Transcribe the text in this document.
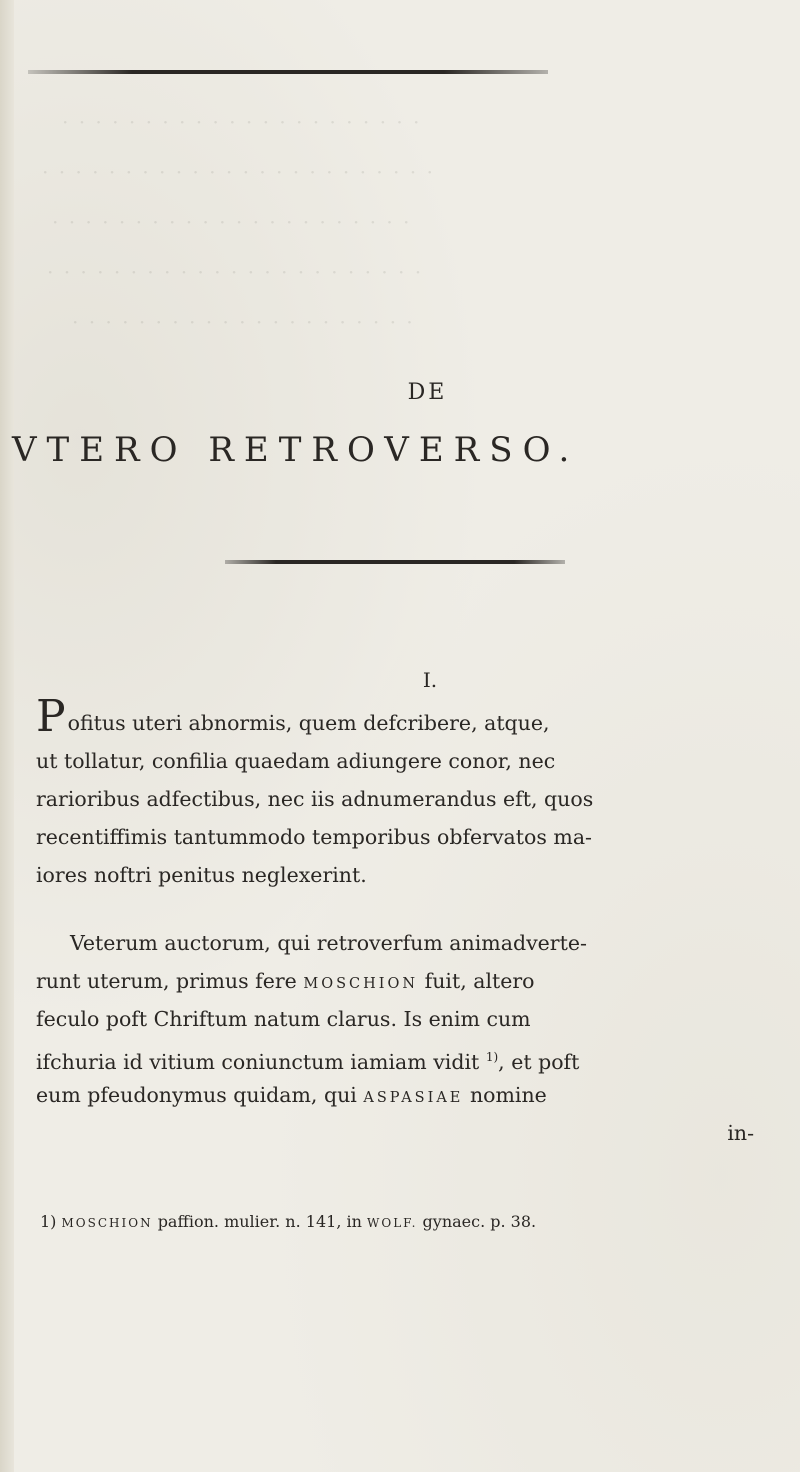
· · · · · · · · · · · · · · · · · · · · · ·
· · · · · · · · · · · · · · · · · · · · · · · ·
· · · · · · · · · · · · · · · · · · · · · ·
· · · · · · · · · · · · · · · · · · · · · · ·
· · · · · · · · · · · · · · · · · · · · ·
DE
VTERO RETROVERSO.
I.
Pofitus uteri abnormis, quem defcribere, atque,
ut tollatur, confilia quaedam adiungere conor, nec
rarioribus adfectibus, nec iis adnumerandus eft, quos
recentiffimis tantummodo temporibus obfervatos ma-
iores noftri penitus neglexerint.
Veterum auctorum, qui retroverfum animadverte-
runt uterum, primus fere MOSCHION fuit, altero
feculo poft Chriftum natum clarus. Is enim cum
ifchuria id vitium coniunctum iamiam vidit $^{1)}$, et poft
eum pfeudonymus quidam, qui ASPASIAE nomine
in-
1) MOSCHION paffion. mulier. n. 141, in WOLF. gynaec. p. 38.
